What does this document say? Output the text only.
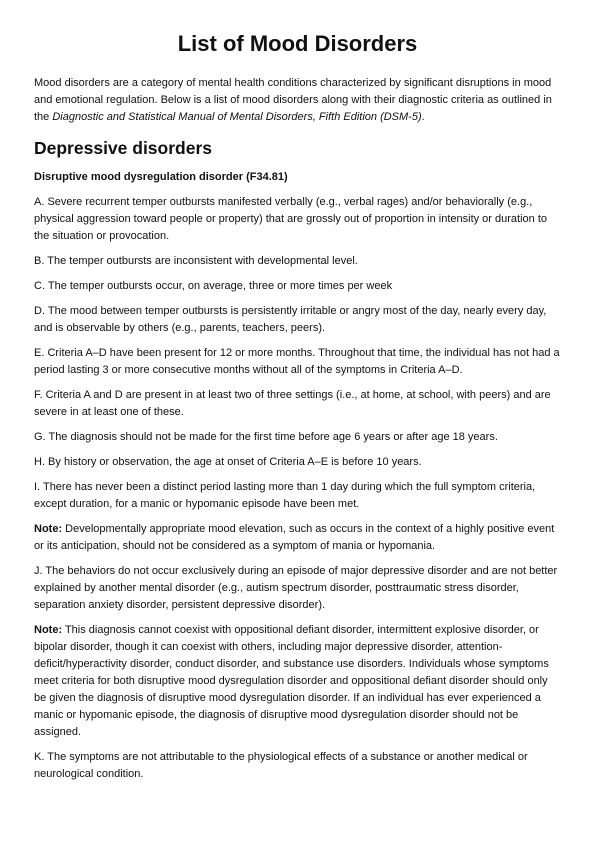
List of Mood Disorders

Mood disorders are a category of mental health conditions characterized by significant disruptions in mood and emotional regulation. Below is a list of mood disorders along with their diagnostic criteria as outlined in the Diagnostic and Statistical Manual of Mental Disorders, Fifth Edition (DSM-5).

Depressive disorders
Disruptive mood dysregulation disorder (F34.81)

A. Severe recurrent temper outbursts manifested verbally (e.g., verbal rages) and/or behaviorally (e.g., physical aggression toward people or property) that are grossly out of proportion in intensity or duration to the situation or provocation.

B. The temper outbursts are inconsistent with developmental level.

C. The temper outbursts occur, on average, three or more times per week

D. The mood between temper outbursts is persistently irritable or angry most of the day, nearly every day, and is observable by others (e.g., parents, teachers, peers).

E. Criteria A–D have been present for 12 or more months. Throughout that time, the individual has not had a period lasting 3 or more consecutive months without all of the symptoms in Criteria A–D.

F. Criteria A and D are present in at least two of three settings (i.e., at home, at school, with peers) and are severe in at least one of these.

G. The diagnosis should not be made for the first time before age 6 years or after age 18 years.

H. By history or observation, the age at onset of Criteria A–E is before 10 years.

I. There has never been a distinct period lasting more than 1 day during which the full symptom criteria, except duration, for a manic or hypomanic episode have been met.

Note: Developmentally appropriate mood elevation, such as occurs in the context of a highly positive event or its anticipation, should not be considered as a symptom of mania or hypomania.

J. The behaviors do not occur exclusively during an episode of major depressive disorder and are not better explained by another mental disorder (e.g., autism spectrum disorder, posttraumatic stress disorder, separation anxiety disorder, persistent depressive disorder).

Note: This diagnosis cannot coexist with oppositional defiant disorder, intermittent explosive disorder, or bipolar disorder, though it can coexist with others, including major depressive disorder, attention-deficit/hyperactivity disorder, conduct disorder, and substance use disorders. Individuals whose symptoms meet criteria for both disruptive mood dysregulation disorder and oppositional defiant disorder should only be given the diagnosis of disruptive mood dysregulation disorder. If an individual has ever experienced a manic or hypomanic episode, the diagnosis of disruptive mood dysregulation disorder should not be assigned.

K. The symptoms are not attributable to the physiological effects of a substance or another medical or neurological condition.
